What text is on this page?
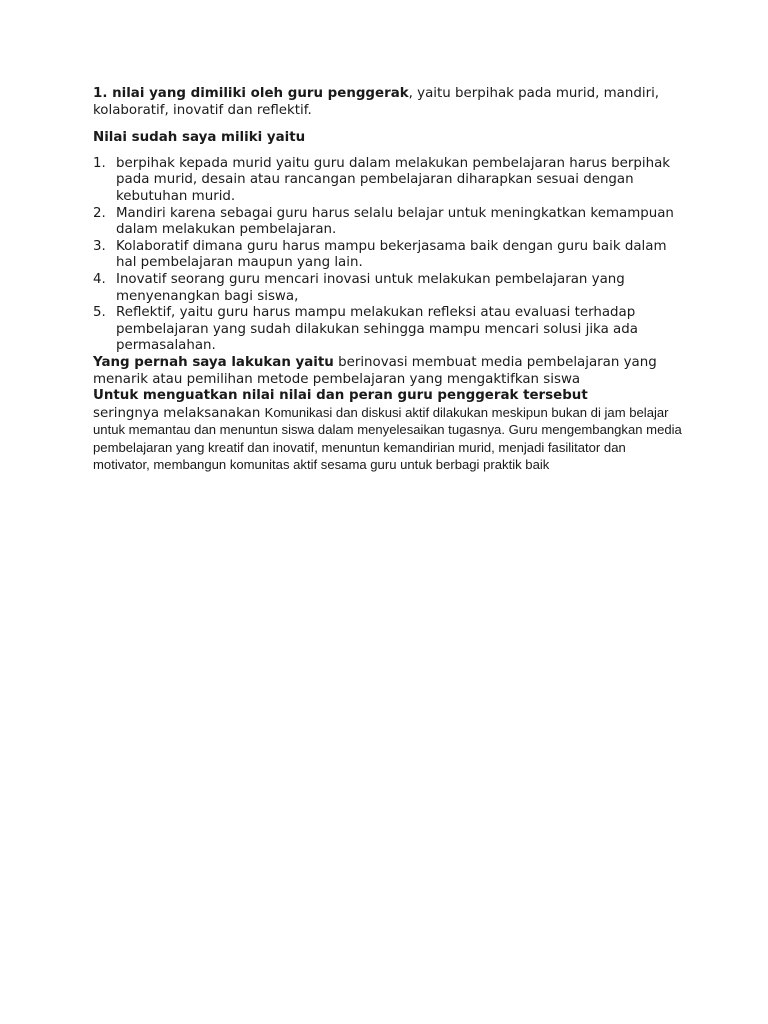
1. nilai yang dimiliki oleh guru penggerak, yaitu berpihak pada murid, mandiri, kolaboratif, inovatif dan reflektif.

Nilai sudah saya miliki yaitu

1. berpihak kepada murid yaitu guru dalam melakukan pembelajaran harus berpihak pada murid, desain atau rancangan pembelajaran diharapkan sesuai dengan kebutuhan murid.
2. Mandiri karena sebagai guru harus selalu belajar untuk meningkatkan kemampuan dalam melakukan pembelajaran.
3. Kolaboratif dimana guru harus mampu bekerjasama baik dengan guru baik dalam hal pembelajaran maupun yang lain.
4. Inovatif seorang guru mencari inovasi untuk melakukan pembelajaran yang menyenangkan bagi siswa,
5. Reflektif, yaitu guru harus mampu melakukan refleksi atau evaluasi terhadap pembelajaran yang sudah dilakukan sehingga mampu mencari solusi jika ada permasalahan.

Yang pernah saya lakukan yaitu berinovasi membuat media pembelajaran yang menarik atau pemilihan metode pembelajaran yang mengaktifkan siswa

Untuk menguatkan nilai nilai dan peran guru penggerak tersebut

seringnya melaksanakan Komunikasi dan diskusi aktif dilakukan meskipun bukan di jam belajar untuk memantau dan menuntun siswa dalam menyelesaikan tugasnya. Guru mengembangkan media pembelajaran yang kreatif dan inovatif, menuntun kemandirian murid, menjadi fasilitator dan motivator, membangun komunitas aktif sesama guru untuk berbagi praktik baik
